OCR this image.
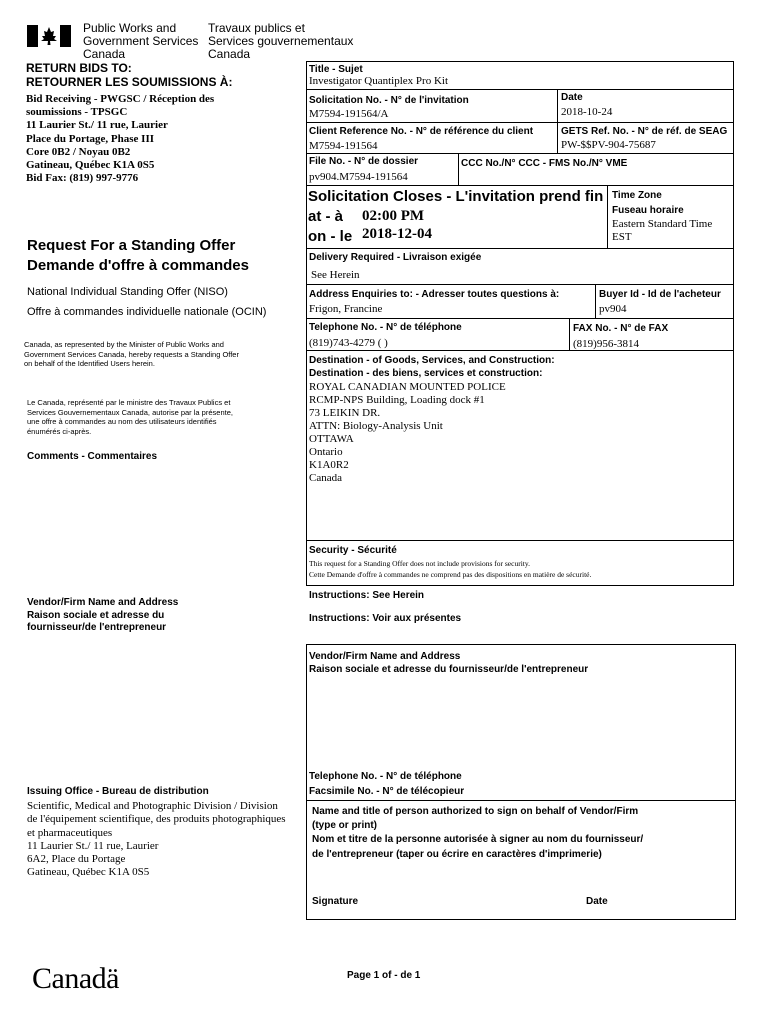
Public Works and
Government Services
Canada
Travaux publics et
Services gouvernementaux
Canada
RETURN BIDS TO:
RETOURNER LES SOUMISSIONS À:
Bid Receiving - PWGSC / Réception des
soumissions - TPSGC
11 Laurier St./ 11 rue, Laurier
Place du Portage, Phase III
Core 0B2 / Noyau 0B2
Gatineau, Québec K1A 0S5
Bid Fax: (819) 997-9776
Request For a Standing Offer
Demande d'offre à commandes
National Individual Standing Offer (NISO)
Offre à commandes individuelle nationale (OCIN)
Canada, as represented by the Minister of Public Works and
Government Services Canada, hereby requests a Standing Offer
on behalf of the Identified Users herein.
Le Canada, représenté par le ministre des Travaux Publics et
Services Gouvernementaux Canada, autorise par la présente,
une offre à commandes au nom des utilisateurs identifiés
énumérés ci-après.
Comments - Commentaires
Vendor/Firm Name and Address
Raison sociale et adresse du
fournisseur/de l'entrepreneur
Issuing Office - Bureau de distribution
Scientific, Medical and Photographic Division / Division
de l'équipement scientifique, des produits photographiques
et pharmaceutiques
11 Laurier St./ 11 rue, Laurier
6A2, Place du Portage
Gatineau, Québec K1A 0S5
Title - Sujet
Investigator Quantiplex Pro Kit
Solicitation No. - N° de l'invitation
M7594-191564/A
Date
2018-10-24
Client Reference No. - N° de référence du client
M7594-191564
GETS Ref. No. - N° de réf. de SEAG
PW-$$PV-904-75687
File No. - N° de dossier
pv904.M7594-191564
CCC No./N° CCC - FMS No./N° VME
Solicitation Closes - L'invitation prend fin
at - à 02:00 PM
on - le 2018-12-04
Time Zone
Fuseau horaire
Eastern Standard Time
EST
Delivery Required - Livraison exigée
See Herein
Address Enquiries to: - Adresser toutes questions à:
Frigon, Francine
Buyer Id - Id de l'acheteur
pv904
Telephone No. - N° de téléphone
(819)743-4279 ( )
FAX No. - N° de FAX
(819)956-3814
Destination - of Goods, Services, and Construction:
Destination - des biens, services et construction:
ROYAL CANADIAN MOUNTED POLICE
RCMP-NPS Building, Loading dock #1
73 LEIKIN DR.
ATTN: Biology-Analysis Unit
OTTAWA
Ontario
K1A0R2
Canada
Security - Sécurité
This request for a Standing Offer does not include provisions for security.
Cette Demande d'offre à commandes ne comprend pas des dispositions en matière de sécurité.
Instructions: See Herein
Instructions: Voir aux présentes
Vendor/Firm Name and Address
Raison sociale et adresse du fournisseur/de l'entrepreneur
Telephone No. - N° de téléphone
Facsimile No. - N° de télécopieur
Name and title of person authorized to sign on behalf of Vendor/Firm
(type or print)
Nom et titre de la personne autorisée à signer au nom du fournisseur/
de l'entrepreneur (taper ou écrire en caractères d'imprimerie)
Signature	Date
Canadä	Page 1 of - de 1
